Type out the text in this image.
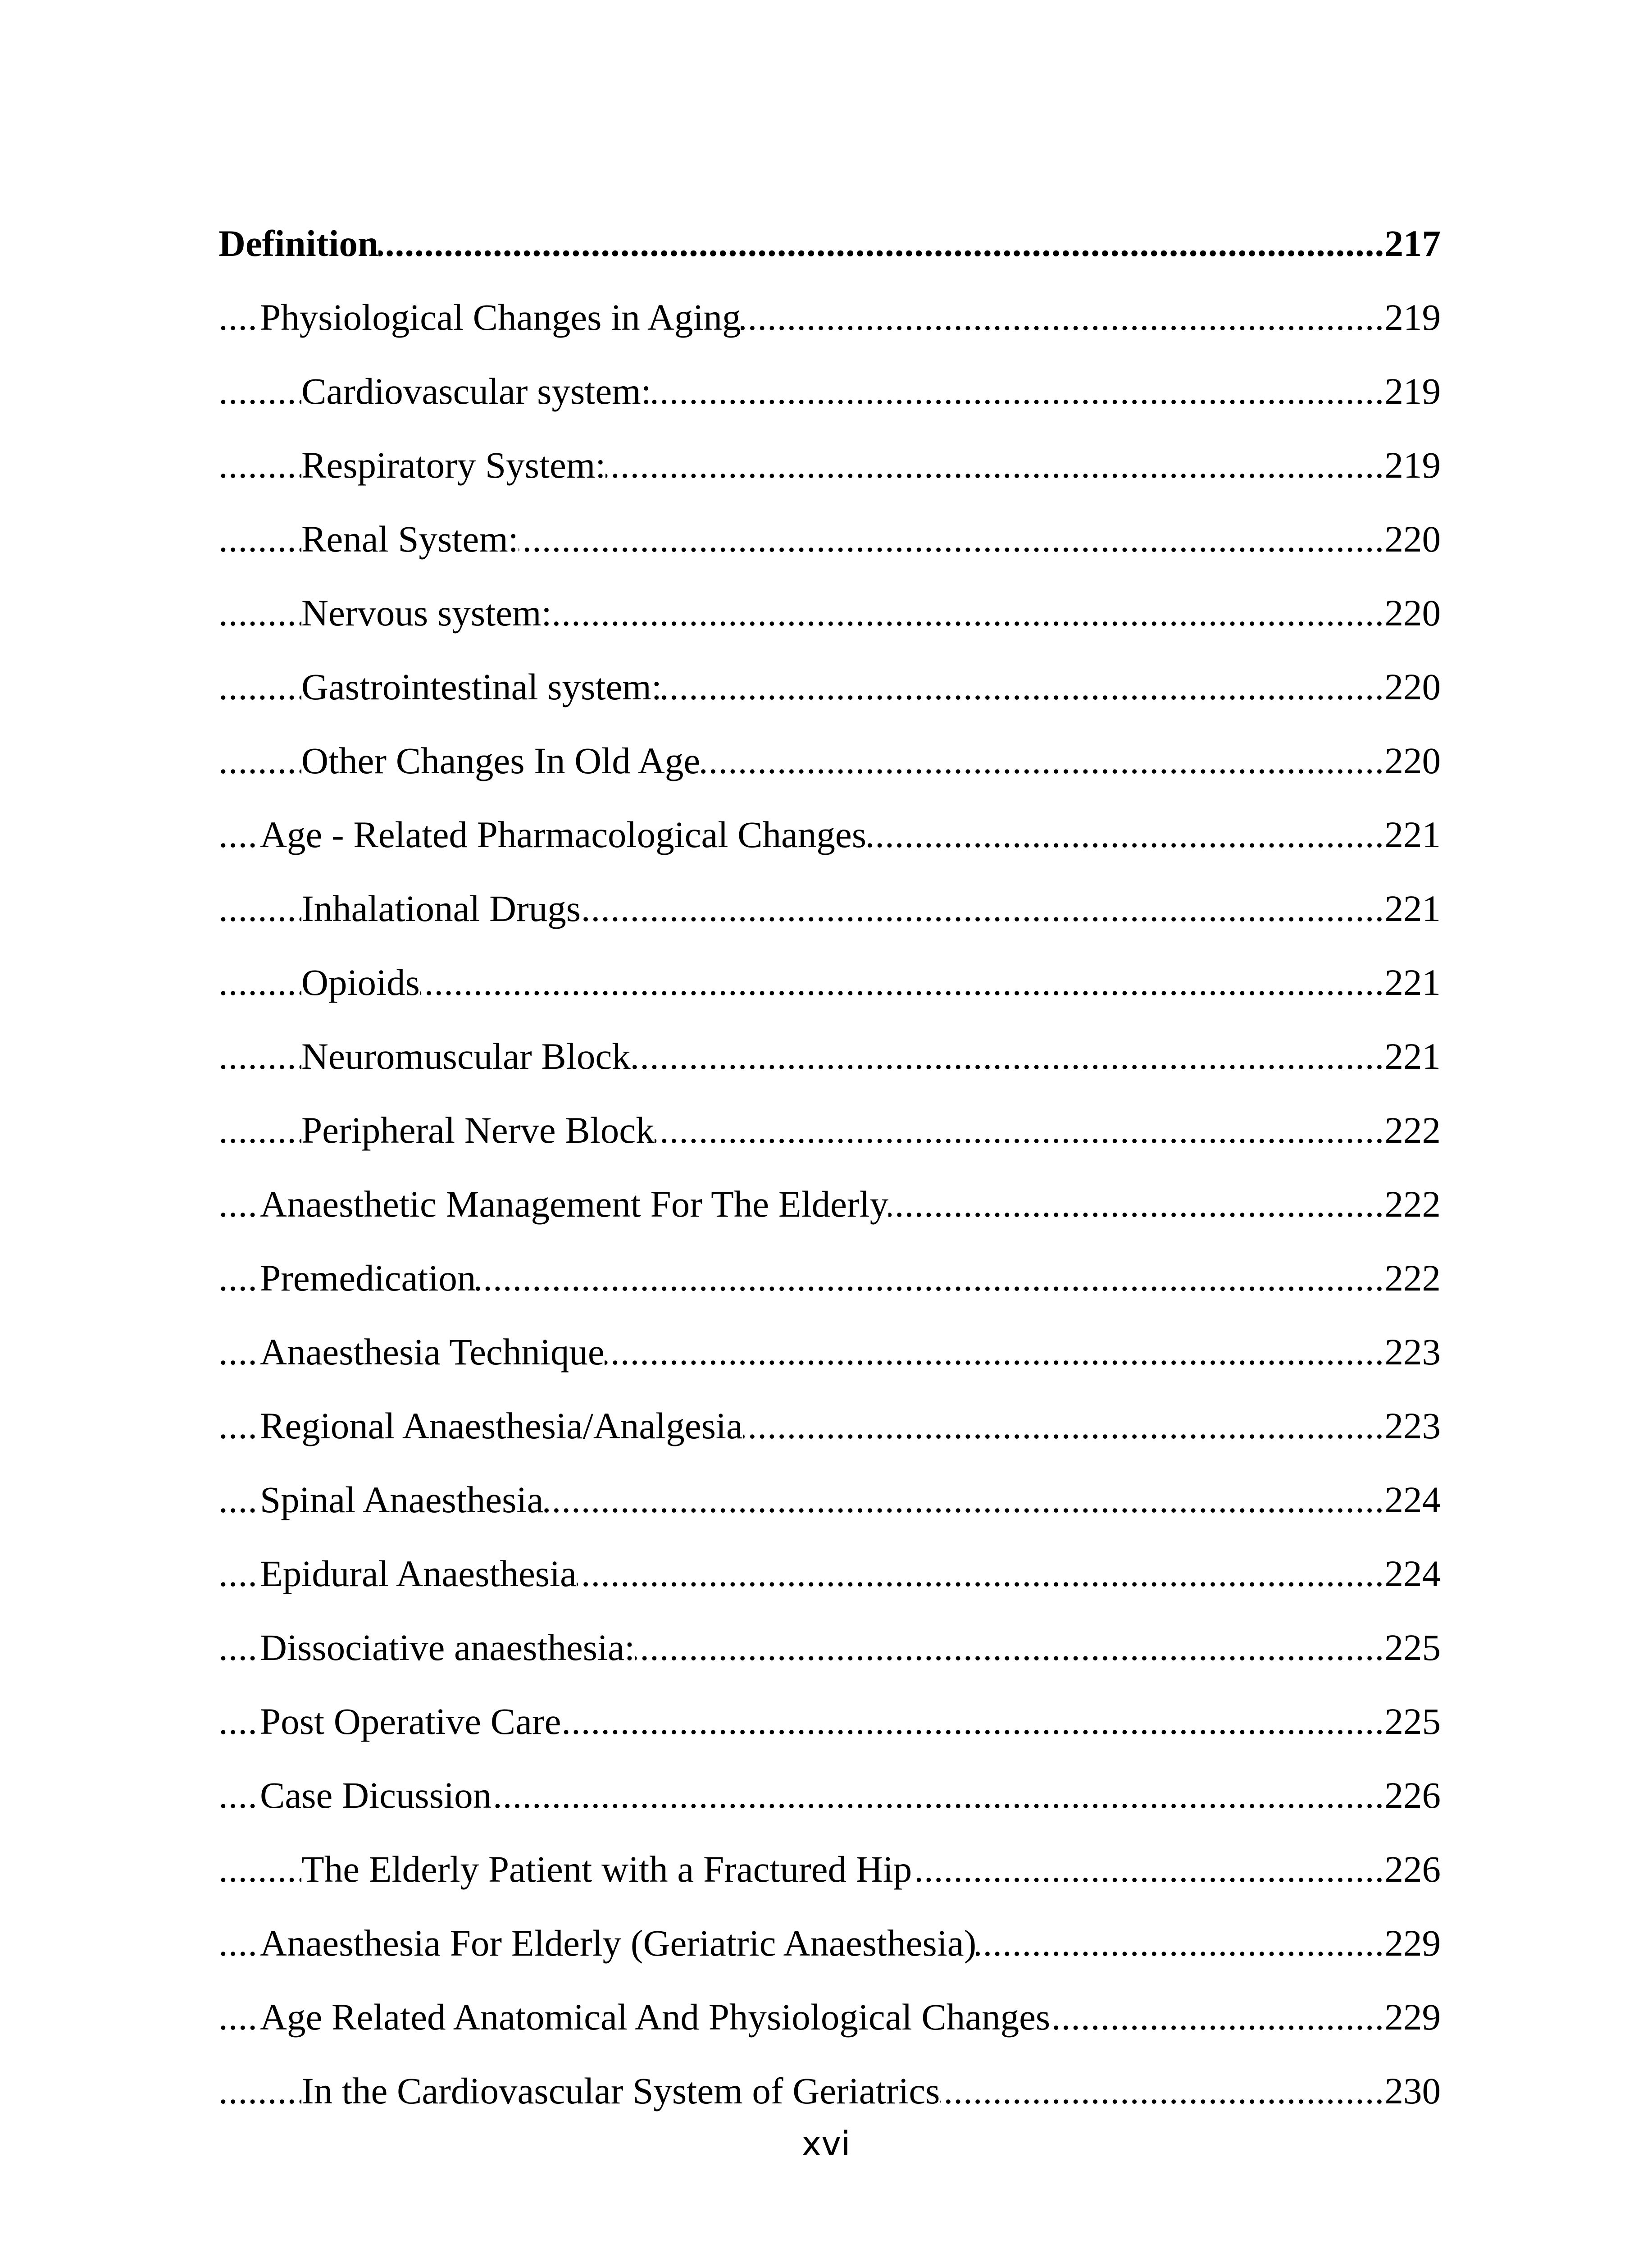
Definition	217
.....
Physiological Changes in Aging	219
.....
Cardiovascular system:	219
.....
Respiratory System:	219
.....
Renal System:	220
.....
Nervous system:	220
.....
Gastrointestinal system:	220
.....
Other Changes In Old Age	220
.....
Age - Related Pharmacological Changes	221
.....
Inhalational Drugs	221
.....
Opioids	221
.....
Neuromuscular Block	221
.....
Peripheral Nerve Block	222
.....
Anaesthetic Management For The Elderly	222
.....
Premedication	222
.....
Anaesthesia Technique	223
.....
Regional Anaesthesia/Analgesia	223
.....
Spinal Anaesthesia	224
.....
Epidural Anaesthesia	224
.....
Dissociative anaesthesia:	225
.....
Post Operative Care	225
.....
Case Dicussion	226
.....
The Elderly Patient with a Fractured Hip	226
.....
Anaesthesia For Elderly (Geriatric Anaesthesia)	229
.....
Age Related Anatomical And Physiological Changes	229
.....
In the Cardiovascular System of Geriatrics	230
.....
xvi
